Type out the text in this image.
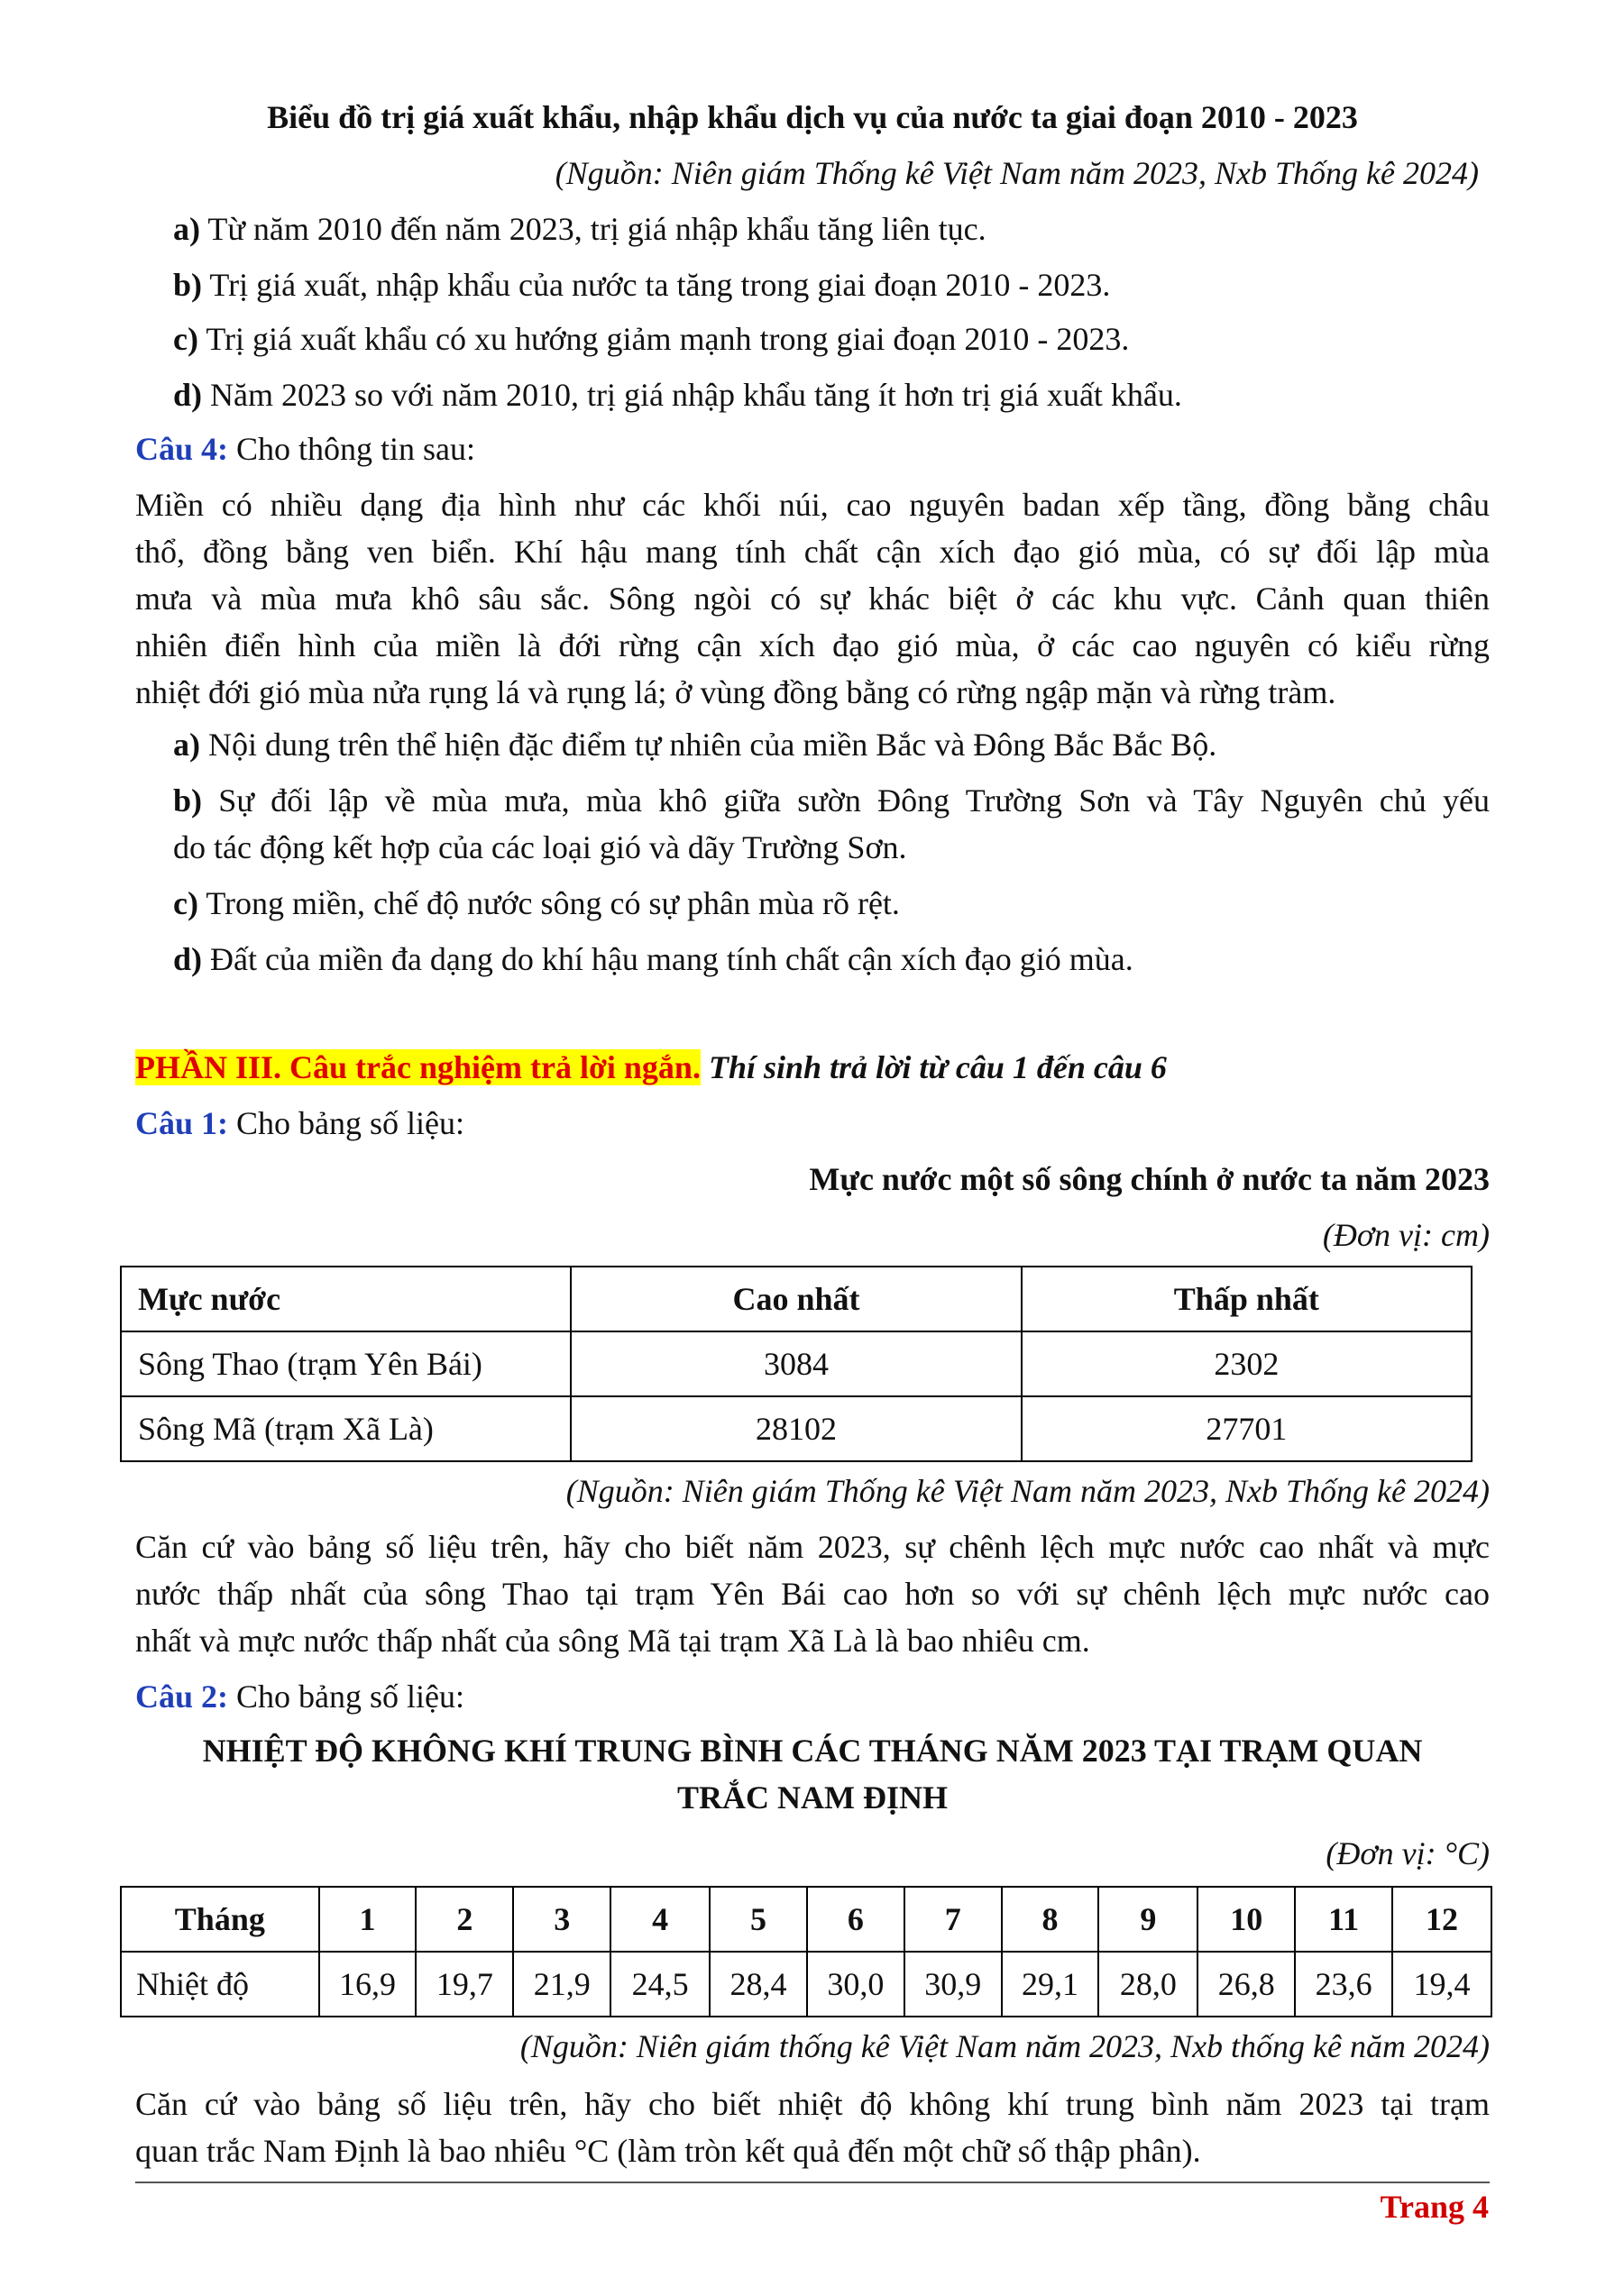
Biểu đồ trị giá xuất khẩu, nhập khẩu dịch vụ của nước ta giai đoạn 2010 - 2023
(Nguồn: Niên giám Thống kê Việt Nam năm 2023, Nxb Thống kê 2024)
a) Từ năm 2010 đến năm 2023, trị giá nhập khẩu tăng liên tục.
b) Trị giá xuất, nhập khẩu của nước ta tăng trong giai đoạn 2010 - 2023.
c) Trị giá xuất khẩu có xu hướng giảm mạnh trong giai đoạn 2010 - 2023.
d) Năm 2023 so với năm 2010, trị giá nhập khẩu tăng ít hơn trị giá xuất khẩu.
Câu 4: Cho thông tin sau:
Miền có nhiều dạng địa hình như các khối núi, cao nguyên badan xếp tầng, đồng bằng châu
thổ, đồng bằng ven biển. Khí hậu mang tính chất cận xích đạo gió mùa, có sự đối lập mùa
mưa và mùa mưa khô sâu sắc. Sông ngòi có sự khác biệt ở các khu vực. Cảnh quan thiên
nhiên điển hình của miền là đới rừng cận xích đạo gió mùa, ở các cao nguyên có kiểu rừng
nhiệt đới gió mùa nửa rụng lá và rụng lá; ở vùng đồng bằng có rừng ngập mặn và rừng tràm.
a) Nội dung trên thể hiện đặc điểm tự nhiên của miền Bắc và Đông Bắc Bắc Bộ.
b) Sự đối lập về mùa mưa, mùa khô giữa sườn Đông Trường Sơn và Tây Nguyên chủ yếu
do tác động kết hợp của các loại gió và dãy Trường Sơn.
c) Trong miền, chế độ nước sông có sự phân mùa rõ rệt.
d) Đất của miền đa dạng do khí hậu mang tính chất cận xích đạo gió mùa.
PHẦN III. Câu trắc nghiệm trả lời ngắn. Thí sinh trả lời từ câu 1 đến câu 6
Câu 1: Cho bảng số liệu:
Mực nước một số sông chính ở nước ta năm 2023
(Đơn vị: cm)
Mực nước	Cao nhất	Thấp nhất
Sông Thao (trạm Yên Bái)	3084	2302
Sông Mã (trạm Xã Là)	28102	27701
(Nguồn: Niên giám Thống kê Việt Nam năm 2023, Nxb Thống kê 2024)
Căn cứ vào bảng số liệu trên, hãy cho biết năm 2023, sự chênh lệch mực nước cao nhất và mực
nước thấp nhất của sông Thao tại trạm Yên Bái cao hơn so với sự chênh lệch mực nước cao
nhất và mực nước thấp nhất của sông Mã tại trạm Xã Là là bao nhiêu cm.
Câu 2: Cho bảng số liệu:
NHIỆT ĐỘ KHÔNG KHÍ TRUNG BÌNH CÁC THÁNG NĂM 2023 TẠI TRẠM QUAN
TRẮC NAM ĐỊNH
(Đơn vị: °C)
Tháng	1	2	3	4	5	6	7	8	9	10	11	12
Nhiệt độ	16,9	19,7	21,9	24,5	28,4	30,0	30,9	29,1	28,0	26,8	23,6	19,4
(Nguồn: Niên giám thống kê Việt Nam năm 2023, Nxb thống kê năm 2024)
Căn cứ vào bảng số liệu trên, hãy cho biết nhiệt độ không khí trung bình năm 2023 tại trạm
quan trắc Nam Định là bao nhiêu °C (làm tròn kết quả đến một chữ số thập phân).
Trang 4
